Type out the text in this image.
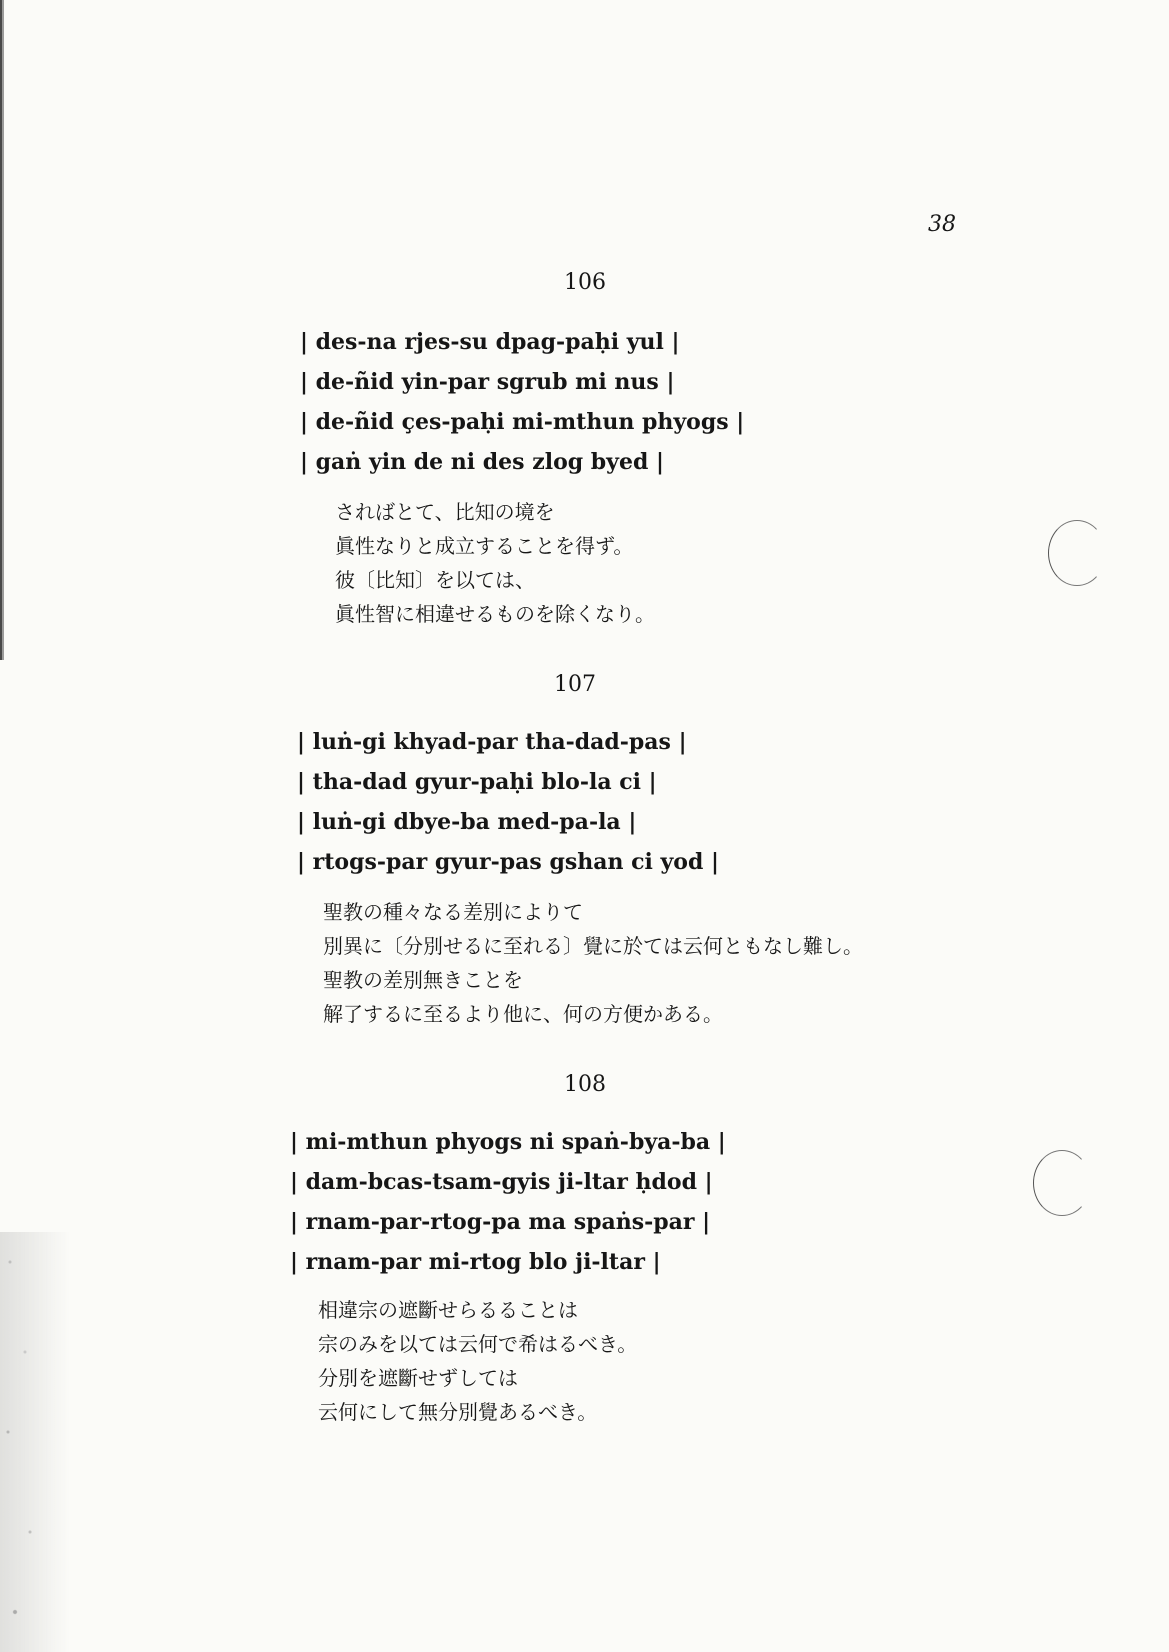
38

106

| des-na rjes-su dpag-paḥi yul |
| de-ñid yin-par sgrub mi nus |
| de-ñid çes-paḥi mi-mthun phyogs |
| gaṅ yin de ni des zlog byed |
さればとて、比知の境を
眞性なりと成立することを得ず。
彼〔比知〕を以ては、
眞性智に相違せるものを除くなり。

107

| luṅ-gi khyad-par tha-dad-pas |
| tha-dad gyur-paḥi blo-la ci |
| luṅ-gi dbye-ba med-pa-la |
| rtogs-par gyur-pas gshan ci yod |
聖教の種々なる差別によりて
別異に〔分別せるに至れる〕覺に於ては云何ともなし難し。
聖教の差別無きことを
解了するに至るより他に、何の方便かある。

108

| mi-mthun phyogs ni spaṅ-bya-ba |
| dam-bcas-tsam-gyis ji-ltar ḥdod |
| rnam-par-rtog-pa ma spaṅs-par |
| rnam-par mi-rtog blo ji-ltar |
相違宗の遮斷せらるることは
宗のみを以ては云何で希はるべき。
分別を遮斷せずしては
云何にして無分別覺あるべき。
